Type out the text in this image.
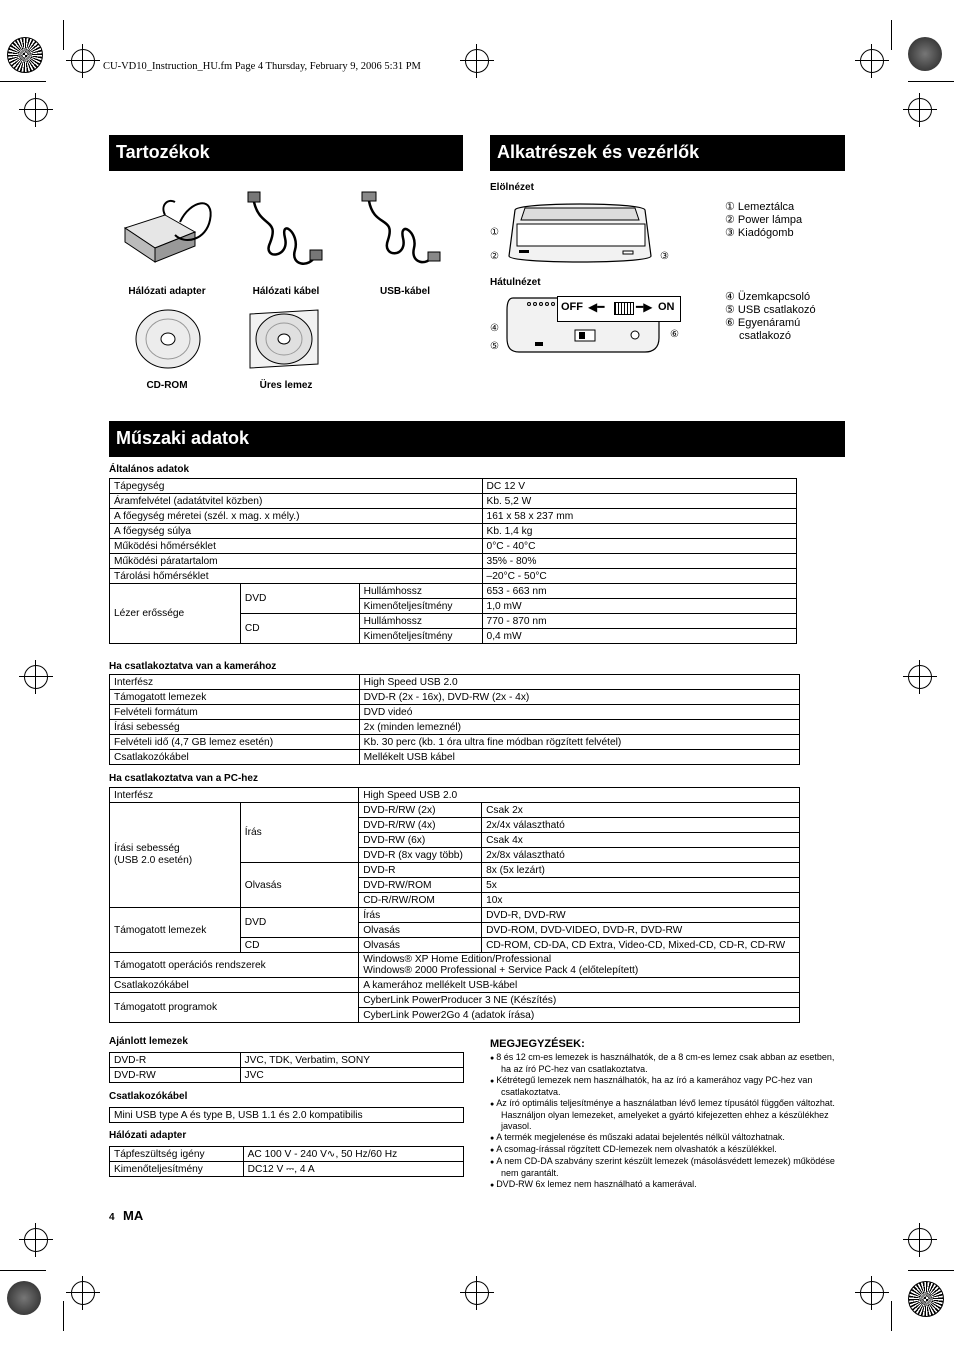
CU-VD10_Instruction_HU.fm Page 4 Thursday, February 9, 2006 5:31 PM
Tartozékok	Alkatrészek és vezérlők
Műszaki adatok
Hálózati adapter	Hálózati kábel	USB-kábel
CD-ROM	Üres lemez
Elölnézet
Hátulnézet
①
②	③
OFF ◀━	━▶ ON
④
⑤
⑥
① Lemeztálca
② Power lámpa
③ Kiadógomb
④ Üzemkapcsoló
⑤ USB csatlakozó
⑥ Egyenáramú
csatlakozó
Általános adatok
Tápegység			DC 12 V
Áramfelvétel (adatátvitel közben)			Kb. 5,2 W
A főegység méretei (szél. x mag. x mély.)			161 x 58 x 237 mm
A főegység súlya			Kb. 1,4 kg
Működési hőmérséklet			0°C - 40°C
Működési páratartalom			35% - 80%
Tárolási hőmérséklet			–20°C - 50°C
Lézer erőssége	DVD	Hullámhossz	653 - 663 nm
		Kimenőteljesítmény	1,0 mW
	CD	Hullámhossz	770 - 870 nm
		Kimenőteljesítmény	0,4 mW
Ha csatlakoztatva van a kamerához
Interfész	High Speed USB 2.0
Támogatott lemezek	DVD-R (2x - 16x), DVD-RW (2x - 4x)
Felvételi formátum	DVD videó
Írási sebesség	2x (minden lemeznél)
Felvételi idő (4,7 GB lemez esetén)	Kb. 30 perc (kb. 1 óra ultra fine módban rögzített felvétel)
Csatlakozókábel	Mellékelt USB kábel
Ha csatlakoztatva van a PC-hez
Interfész		High Speed USB 2.0	

Írási sebesség
(USB 2.0 esetén)	Írás	DVD-R/RW (2x)	Csak 2x
		DVD-R/RW (4x)	2x/4x választható
		DVD-RW (6x)	Csak 4x
		DVD-R (8x vagy több)	2x/8x választható
	Olvasás	DVD-R	8x (5x lezárt)
		DVD-RW/ROM	5x
		CD-R/RW/ROM	10x
Támogatott lemezek	DVD	Írás	DVD-R, DVD-RW
		Olvasás	DVD-ROM, DVD-VIDEO, DVD-R, DVD-RW
	CD	Olvasás	CD-ROM, CD-DA, CD Extra, Video-CD, Mixed-CD, CD-R, CD-RW
Támogatott operációs rendszerek		Windows® XP Home Edition/Professional
Windows® 2000 Professional + Service Pack 4 (előtelepített)	

Csatlakozókábel		A kamerához mellékelt USB-kábel	
Támogatott programok		CyberLink PowerProducer 3 NE (Készítés)	
		CyberLink Power2Go 4 (adatok írása)	
Ajánlott lemezek
DVD-R	JVC, TDK, Verbatim, SONY
DVD-RW	JVC
Csatlakozókábel
Mini USB type A és type B, USB 1.1 és 2.0 kompatibilis
Hálózati adapter
Tápfeszültség igény	AC 100 V - 240 V∿, 50 Hz/60 Hz
Kimenőteljesítmény	DC12 V ⎓, 4 A
MEGJEGYZÉSEK:
● 8 és 12 cm-es lemezek is használhatók, de a 8 cm-es lemez csak abban az esetben, ha az író PC-hez van csatlakoztatva.
● Kétrétegű lemezek nem használhatók, ha az író a kamerához vagy PC-hez van csatlakoztatva.
● Az író optimális teljesítménye a használatban lévő lemez típusától függően változhat. Használjon olyan lemezeket, amelyeket a gyártó kifejezetten ehhez a készülékhez javasol.
● A termék megjelenése és műszaki adatai bejelentés nélkül változhatnak.
● A csomag-írással rögzített CD-lemezek nem olvashatók a készülékkel.
● A nem CD-DA szabvány szerint készült lemezek (másolásvédett lemezek) működése nem garantált.
● DVD-RW 6x lemez nem használható a kamerával.
4 MA
